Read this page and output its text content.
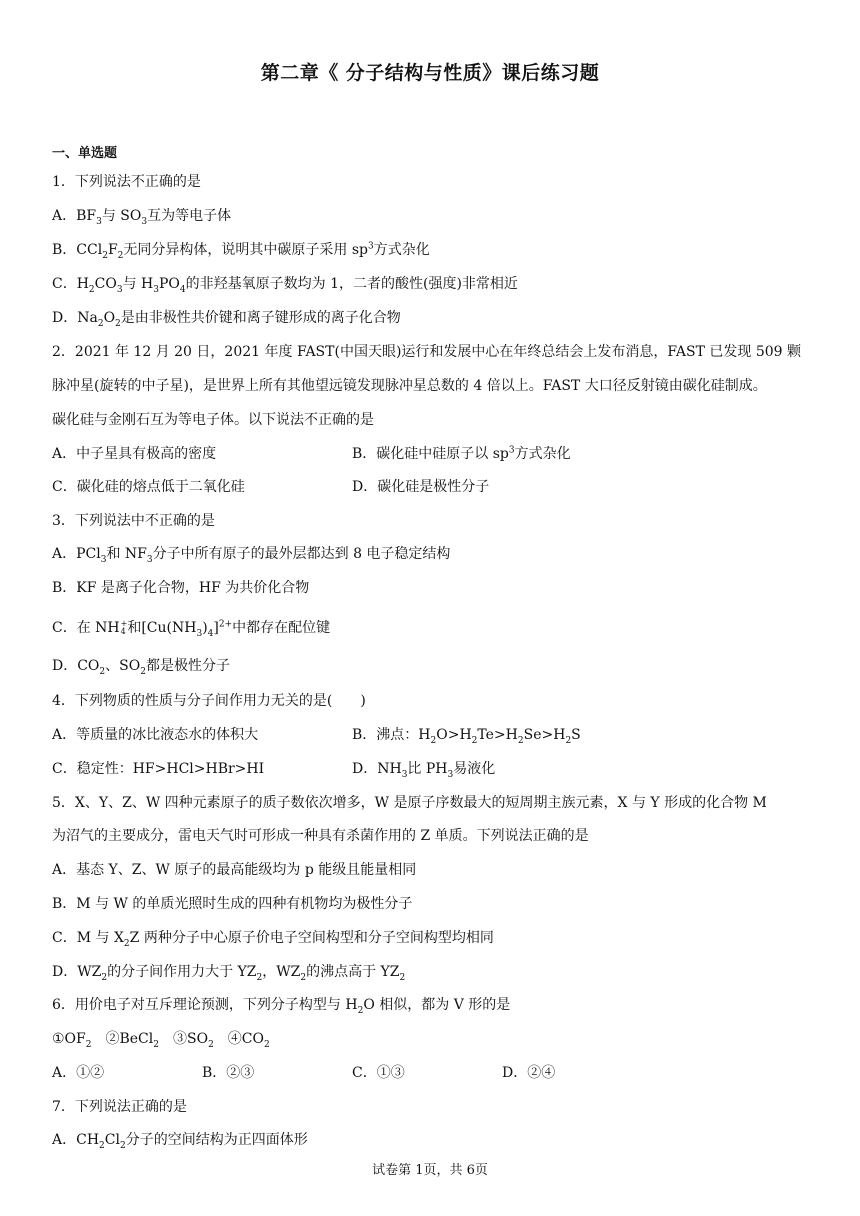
第二章《 分子结构与性质》课后练习题
一、单选题
1．下列说法不正确的是
A．$BF_3$与 $SO_3$互为等电子体
B．$CCl_2F_2$无同分异构体，说明其中碳原子采用 $sp^3$方式杂化
C．$H_2CO_3$与 $H_3PO_4$的非羟基氧原子数均为 1，二者的酸性(强度)非常相近
D．$Na_2O_2$是由非极性共价键和离子键形成的离子化合物
2．2021 年 12 月 20 日，2021 年度 FAST(中国天眼)运行和发展中心在年终总结会上发布消息，FAST 已发现 509 颗
脉冲星(旋转的中子星)，是世界上所有其他望远镜发现脉冲星总数的 4 倍以上。FAST 大口径反射镜由碳化硅制成。
碳化硅与金刚石互为等电子体。以下说法不正确的是
A．中子星具有极高的密度	B．碳化硅中硅原子以 $sp^3$方式杂化
C．碳化硅的熔点低于二氧化硅	D．碳化硅是极性分子
3．下列说法中不正确的是
A．PCl$_3$和 $NF_3$分子中所有原子的最外层都达到 8 电子稳定结构
B．KF 是离子化合物，HF 为共价化合物
C．在 NH+
4 和$[Cu(NH_3)_4]^{2+}$中都存在配位键
D．$CO_2$、$SO_2$都是极性分子
4．下列物质的性质与分子间作用力无关的是(　　)
A．等质量的冰比液态水的体积大	B．沸点：$H_2O>H_2Te>H_2Se>H_2S$
C．稳定性：HF>HCl>HBr>HI	D．$NH_3$比 $PH_3$易液化
5．X、Y、Z、W 四种元素原子的质子数依次增多，W 是原子序数最大的短周期主族元素，X 与 Y 形成的化合物 M
为沼气的主要成分，雷电天气时可形成一种具有杀菌作用的 Z 单质。下列说法正确的是
A．基态 Y、Z、W 原子的最高能级均为 p 能级且能量相同
B．M 与 W 的单质光照时生成的四种有机物均为极性分子
C．M 与 $X_2Z$ 两种分子中心原子价电子空间构型和分子空间构型均相同
D．$WZ_2$的分子间作用力大于 $YZ_2$，$WZ_2$的沸点高于 $YZ_2$
6．用价电子对互斥理论预测，下列分子构型与 $H_2O$ 相似，都为 V 形的是
$①OF_2$　②BeCl$_2$　$③SO_2$　$④CO_2$
A．①②	B．②③	C．①③	D．②④
7．下列说法正确的是
A．$CH_2Cl_2$分子的空间结构为正四面体形
试卷第 1页，共 6页
